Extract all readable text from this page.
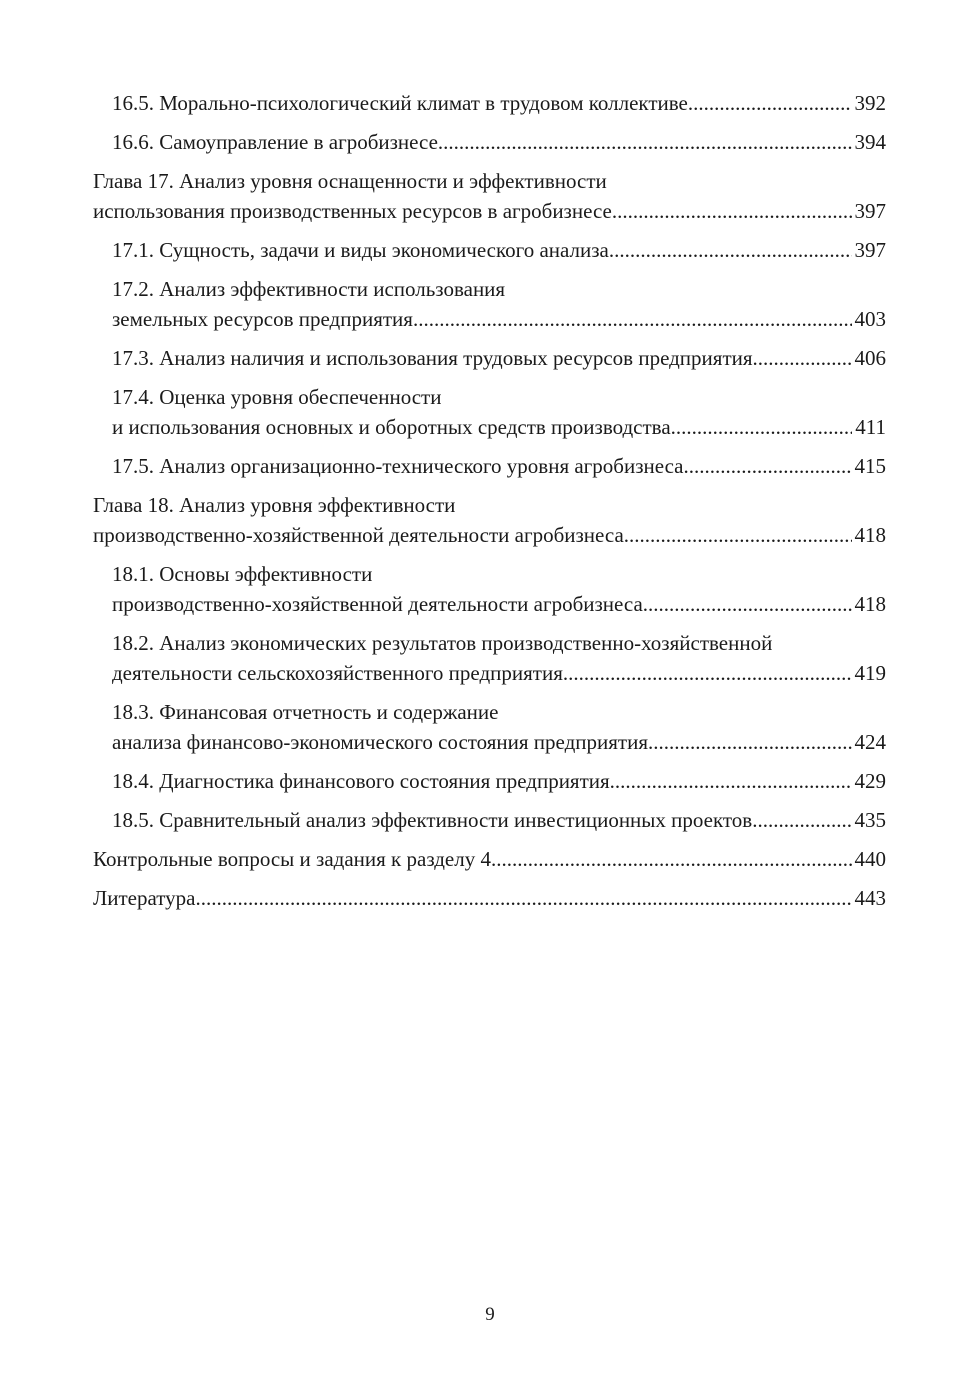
16.5. Морально-психологический климат в трудовом коллективе .....	392
16.6. Самоуправление в агробизнесе .....	394
Глава 17. Анализ уровня оснащенности и эффективности
использования производственных ресурсов в агробизнесе .....	397
17.1. Сущность, задачи и виды экономического анализа .....	397
17.2. Анализ эффективности использования
земельных ресурсов предприятия .....	403
17.3. Анализ наличия и использования трудовых ресурсов предприятия .....	406
17.4. Оценка уровня обеспеченности
и использования основных и оборотных средств производства .....	411
17.5. Анализ организационно-технического уровня агробизнеса .....	415
Глава 18. Анализ уровня эффективности
производственно-хозяйственной деятельности агробизнеса .....	418
18.1. Основы эффективности
производственно-хозяйственной деятельности агробизнеса .....	418
18.2. Анализ экономических результатов производственно-хозяйственной
деятельности сельскохозяйственного предприятия .....	419
18.3. Финансовая отчетность и содержание
анализа финансово-экономического состояния предприятия .....	424
18.4. Диагностика финансового состояния предприятия .....	429
18.5. Сравнительный анализ эффективности инвестиционных проектов .....	435
Контрольные вопросы и задания к разделу 4 .....	440
Литература .....	443
9
